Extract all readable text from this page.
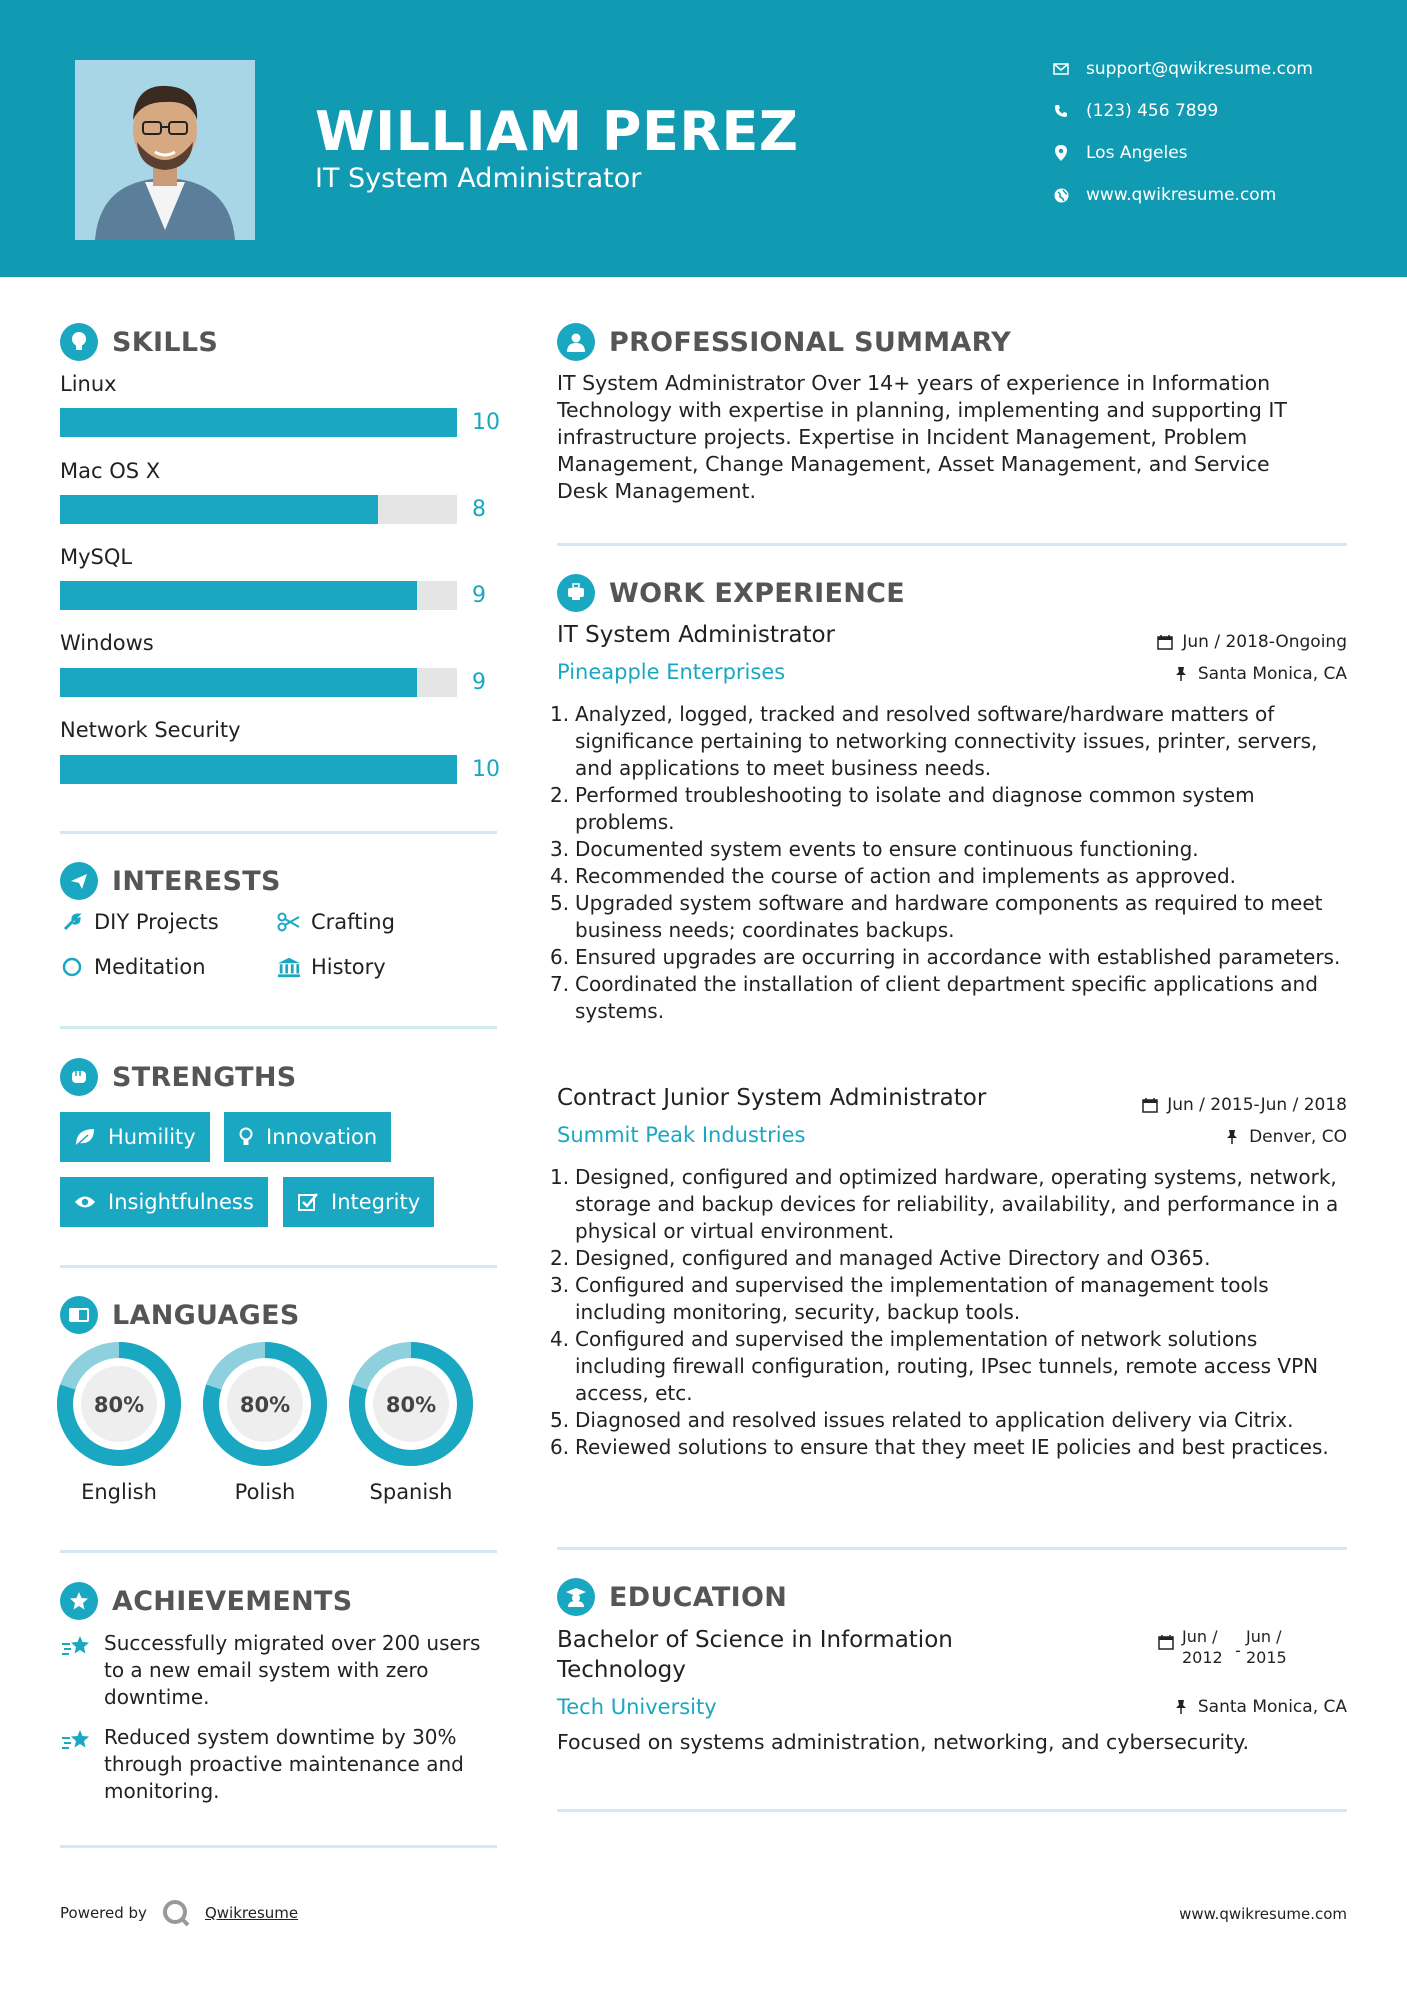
WILLIAM PEREZ
IT System Administrator
support@qwikresume.com
(123) 456 7899
Los Angeles
www.qwikresume.com
SKILLS
Linux
10
Mac OS X
8
MySQL
9
Windows
9
Network Security
10
INTERESTS
DIY Projects	Crafting
Meditation	History
STRENGTHS
Humility	Innovation
Insightfulness	Integrity
LANGUAGES
80%
English
80%
Polish
80%
Spanish
ACHIEVEMENTS
Successfully migrated over 200 users to a new email system with zero downtime.
Reduced system downtime by 30% through proactive maintenance and monitoring.
PROFESSIONAL SUMMARY
IT System Administrator Over 14+ years of experience in Information Technology with expertise in planning, implementing and supporting IT infrastructure projects. Expertise in Incident Management, Problem Management, Change Management, Asset Management, and Service Desk Management.
WORK EXPERIENCE
IT System Administrator
Pineapple Enterprises
Jun / 2018-Ongoing
Santa Monica, CA
1. Analyzed, logged, tracked and resolved software/hardware matters of significance pertaining to networking connectivity issues, printer, servers, and applications to meet business needs.
2. Performed troubleshooting to isolate and diagnose common system problems.
3. Documented system events to ensure continuous functioning.
4. Recommended the course of action and implements as approved.
5. Upgraded system software and hardware components as required to meet business needs; coordinates backups.
6. Ensured upgrades are occurring in accordance with established parameters.
7. Coordinated the installation of client department specific applications and systems.
Contract Junior System Administrator
Summit Peak Industries
Jun / 2015-Jun / 2018
Denver, CO
1. Designed, configured and optimized hardware, operating systems, network, storage and backup devices for reliability, availability, and performance in a physical or virtual environment.
2. Designed, configured and managed Active Directory and O365.
3. Configured and supervised the implementation of management tools including monitoring, security, backup tools.
4. Configured and supervised the implementation of network solutions including firewall configuration, routing, IPsec tunnels, remote access VPN access, etc.
5. Diagnosed and resolved issues related to application delivery via Citrix.
6. Reviewed solutions to ensure that they meet IE policies and best practices.
EDUCATION
Bachelor of Science in Information Technology
Tech University
Jun / 2012 -
Jun / 2015
Santa Monica, CA
Focused on systems administration, networking, and cybersecurity.
Powered by	Qwikresume	www.qwikresume.com
